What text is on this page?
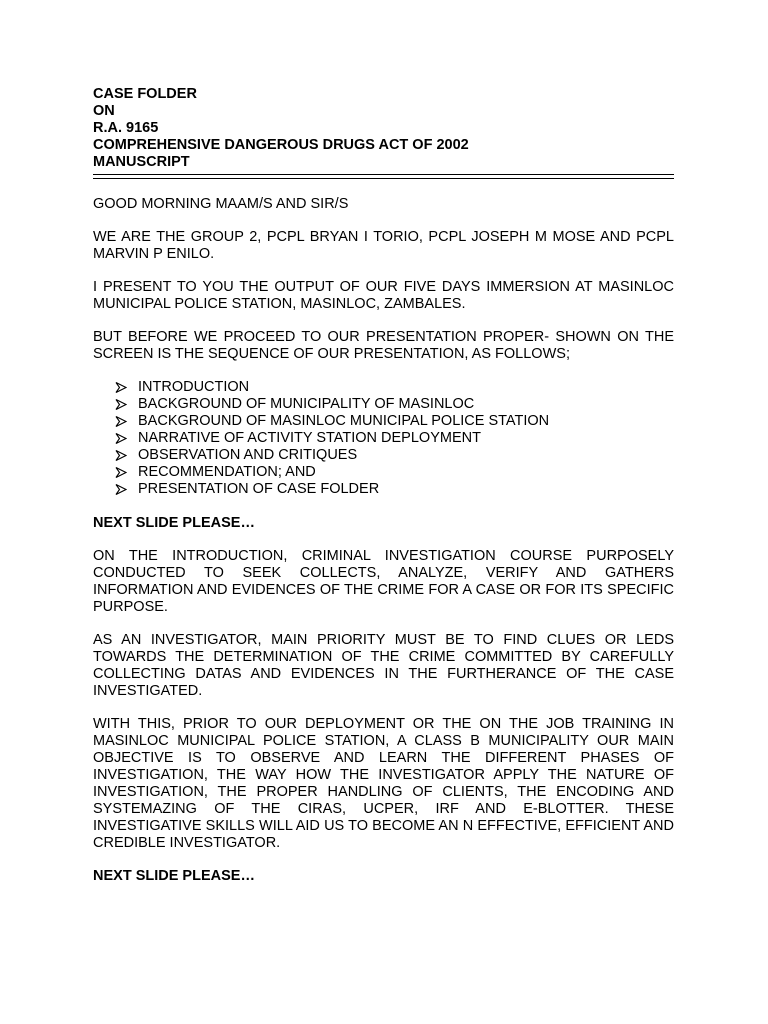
CASE FOLDER
ON
R.A. 9165
COMPREHENSIVE DANGEROUS DRUGS ACT OF 2002
MANUSCRIPT

GOOD MORNING MAAM/S AND SIR/S

WE ARE THE GROUP 2, PCPL BRYAN I TORIO, PCPL JOSEPH M MOSE AND PCPL MARVIN P ENILO.

I PRESENT TO YOU THE OUTPUT OF OUR FIVE DAYS IMMERSION AT MASINLOC MUNICIPAL POLICE STATION, MASINLOC, ZAMBALES.

BUT BEFORE WE PROCEED TO OUR PRESENTATION PROPER- SHOWN ON THE SCREEN IS THE SEQUENCE OF OUR PRESENTATION, AS FOLLOWS;

INTRODUCTION
BACKGROUND OF MUNICIPALITY OF MASINLOC
BACKGROUND OF MASINLOC MUNICIPAL POLICE STATION
NARRATIVE OF ACTIVITY STATION DEPLOYMENT
OBSERVATION AND CRITIQUES
RECOMMENDATION; AND
PRESENTATION OF CASE FOLDER

NEXT SLIDE PLEASE…

ON THE INTRODUCTION, CRIMINAL INVESTIGATION COURSE PURPOSELY CONDUCTED TO SEEK COLLECTS, ANALYZE, VERIFY AND GATHERS INFORMATION AND EVIDENCES OF THE CRIME FOR A CASE OR FOR ITS SPECIFIC PURPOSE.

AS AN INVESTIGATOR, MAIN PRIORITY MUST BE TO FIND CLUES OR LEDS TOWARDS THE DETERMINATION OF THE CRIME COMMITTED BY CAREFULLY COLLECTING DATAS AND EVIDENCES IN THE FURTHERANCE OF THE CASE INVESTIGATED.

WITH THIS, PRIOR TO OUR DEPLOYMENT OR THE ON THE JOB TRAINING IN MASINLOC MUNICIPAL POLICE STATION, A CLASS B MUNICIPALITY OUR MAIN OBJECTIVE IS TO OBSERVE AND LEARN THE DIFFERENT PHASES OF INVESTIGATION, THE WAY HOW THE INVESTIGATOR APPLY THE NATURE OF INVESTIGATION, THE PROPER HANDLING OF CLIENTS, THE ENCODING AND SYSTEMAZING OF THE CIRAS, UCPER, IRF AND E-BLOTTER. THESE INVESTIGATIVE SKILLS WILL AID US TO BECOME AN N EFFECTIVE, EFFICIENT AND CREDIBLE INVESTIGATOR.

NEXT SLIDE PLEASE…
